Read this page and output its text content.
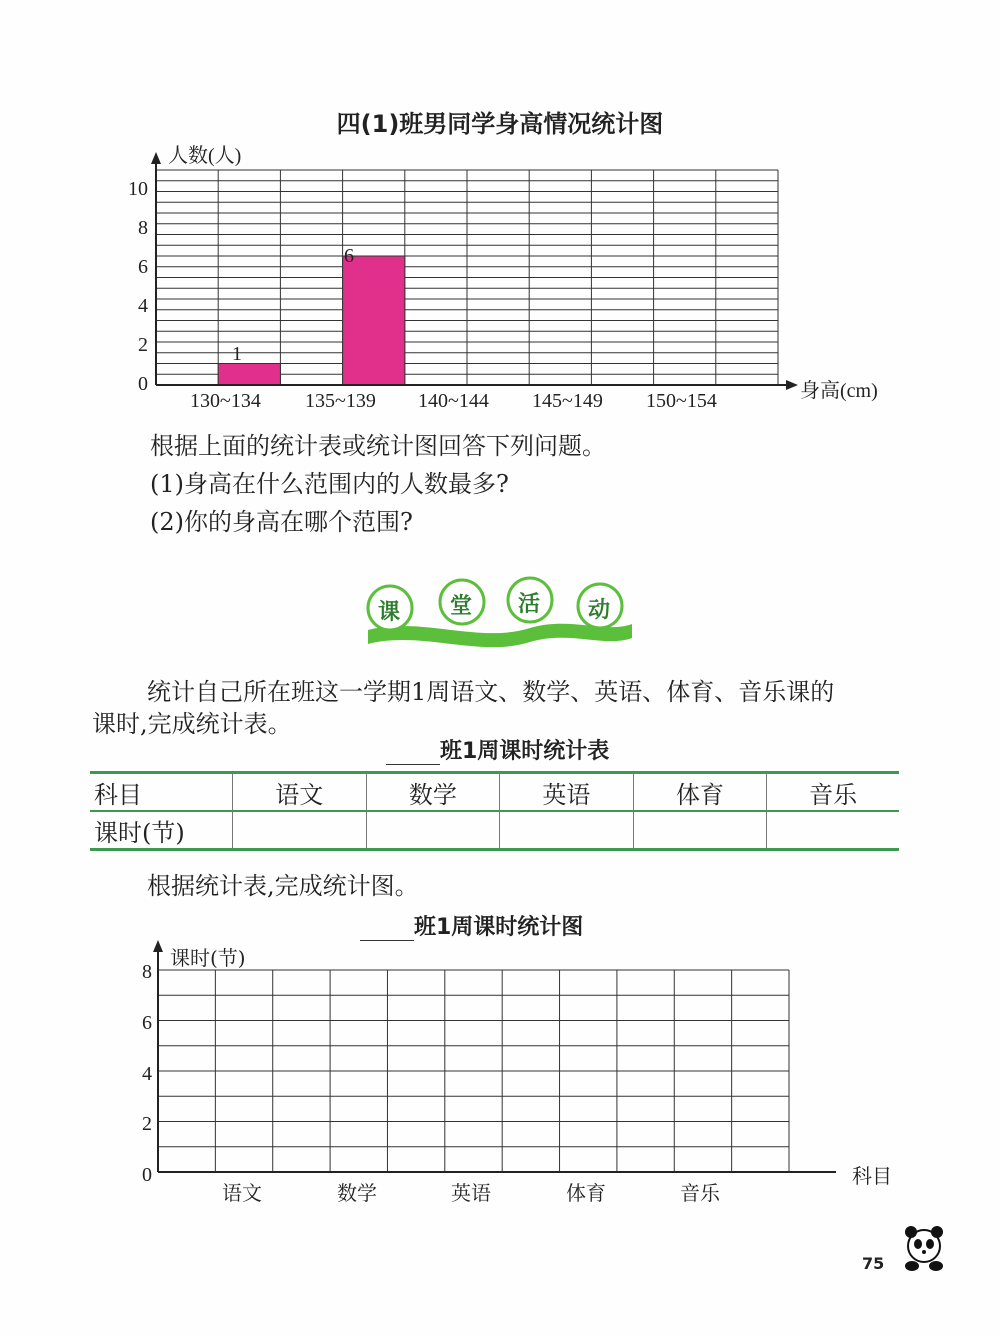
四(1)班男同学身高情况统计图
人数(人)
身高(cm)
0
2
4
6
8
10
130~134 135~139 140~144 145~149 150~154
1
6
根据上面的统计表或统计图回答下列问题。
(1)身高在什么范围内的人数最多?
(2)你的身高在哪个范围?
课 堂 活 动
统计自己所在班这一学期1周语文、数学、英语、体育、音乐课的
课时,完成统计表。
班1周课时统计表
科目	语文	数学	英语	体育	音乐
课时(节)					
根据统计表,完成统计图。
班1周课时统计图
课时(节)
科目
0
2
4
6
8
语文	数学	英语	体育	音乐
75
